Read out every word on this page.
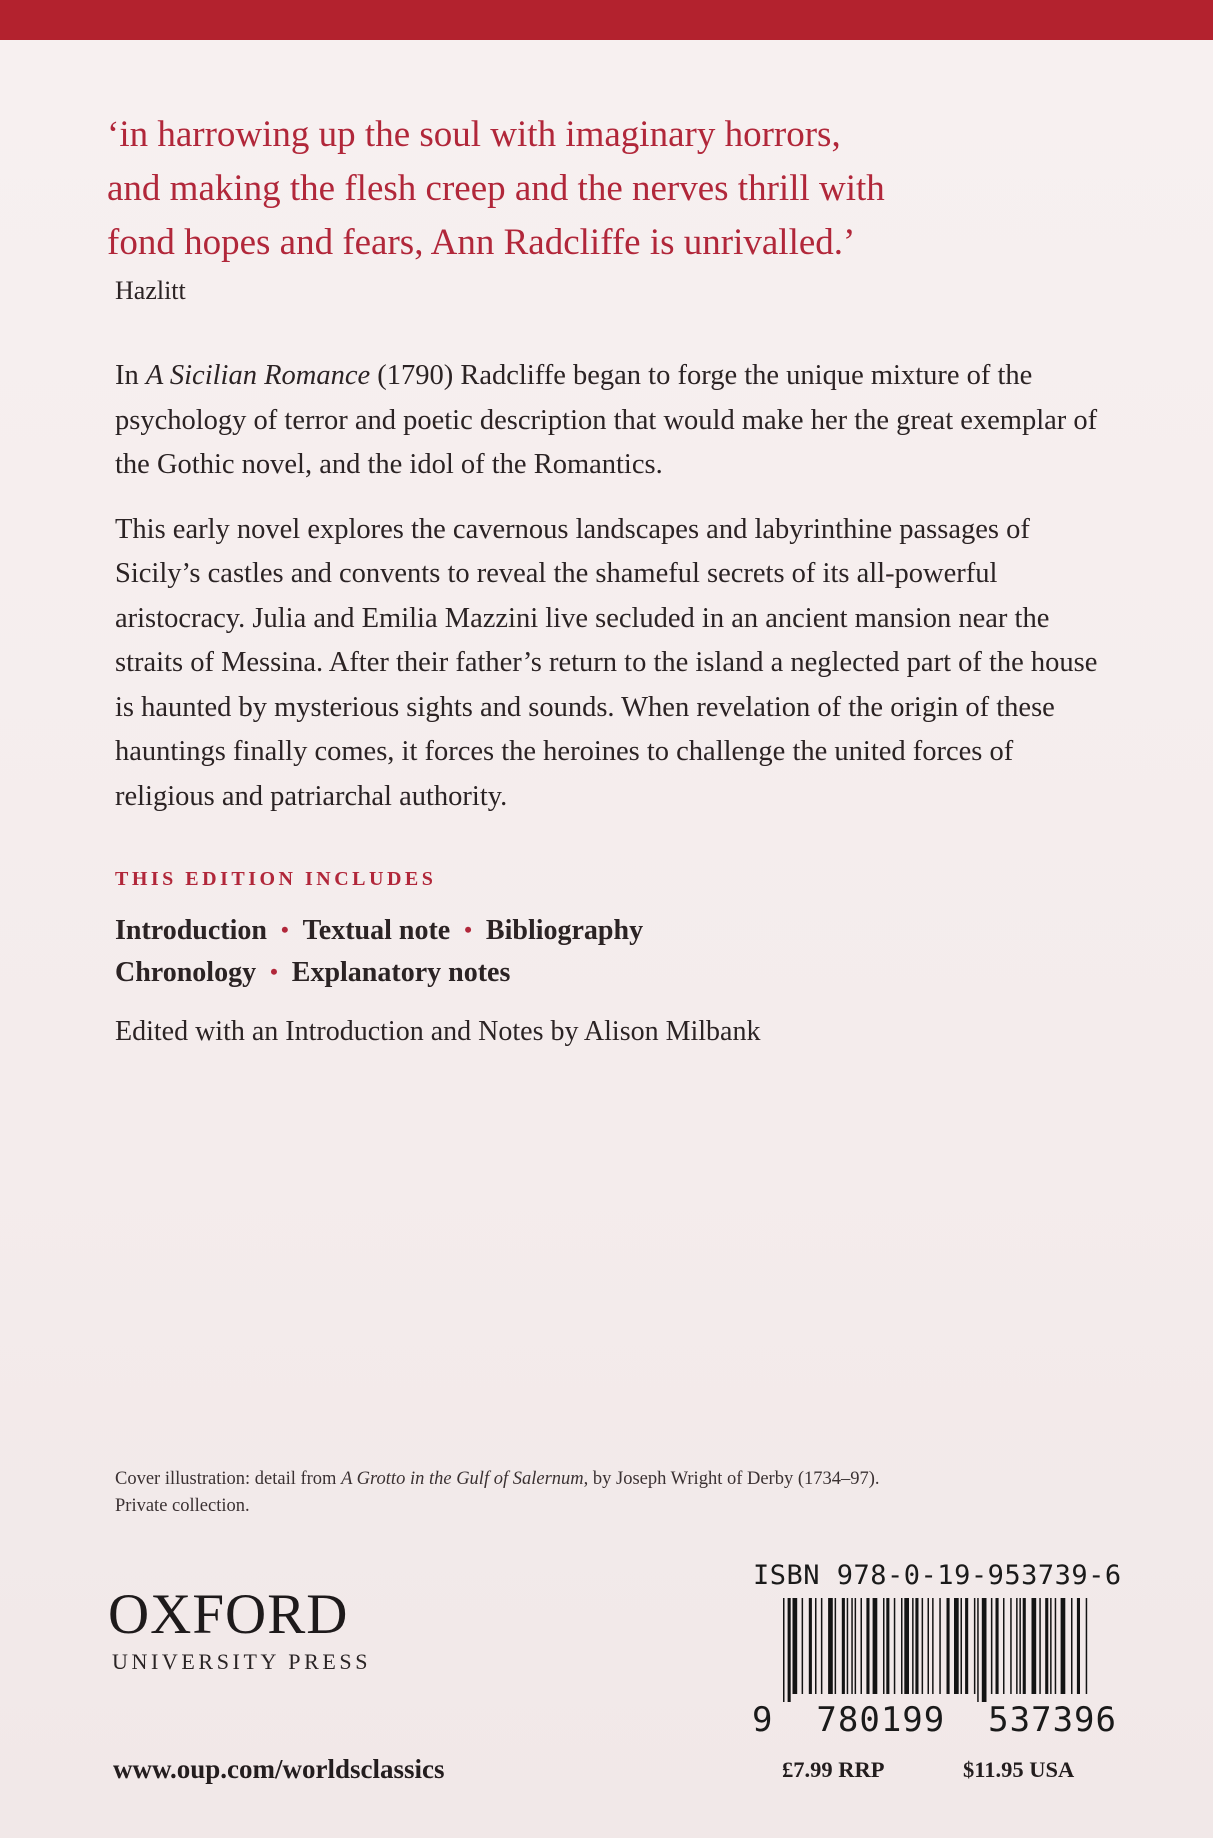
‘in harrowing up the soul with imaginary horrors,
and making the flesh creep and the nerves thrill with
fond hopes and fears, Ann Radcliffe is unrivalled.’
Hazlitt

In A Sicilian Romance (1790) Radcliffe began to forge the unique mixture of the psychology of terror and poetic description that would make her the great exemplar of the Gothic novel, and the idol of the Romantics.

This early novel explores the cavernous landscapes and labyrinthine passages of Sicily’s castles and convents to reveal the shameful secrets of its all-powerful aristocracy. Julia and Emilia Mazzini live secluded in an ancient mansion near the straits of Messina. After their father’s return to the island a neglected part of the house is haunted by mysterious sights and sounds. When revelation of the origin of these hauntings finally comes, it forces the heroines to challenge the united forces of religious and patriarchal authority.

THIS EDITION INCLUDES
Introduction • Textual note • Bibliography
Chronology • Explanatory notes
Edited with an Introduction and Notes by Alison Milbank
Cover illustration: detail from A Grotto in the Gulf of Salernum, by Joseph Wright of Derby (1734–97).
Private collection.
OXFORD
UNIVERSITY PRESS
www.oup.com/worldsclassics
ISBN 978-0-19-953739-6
9  780199  537396
£7.99 RRP	$11.95 USA
